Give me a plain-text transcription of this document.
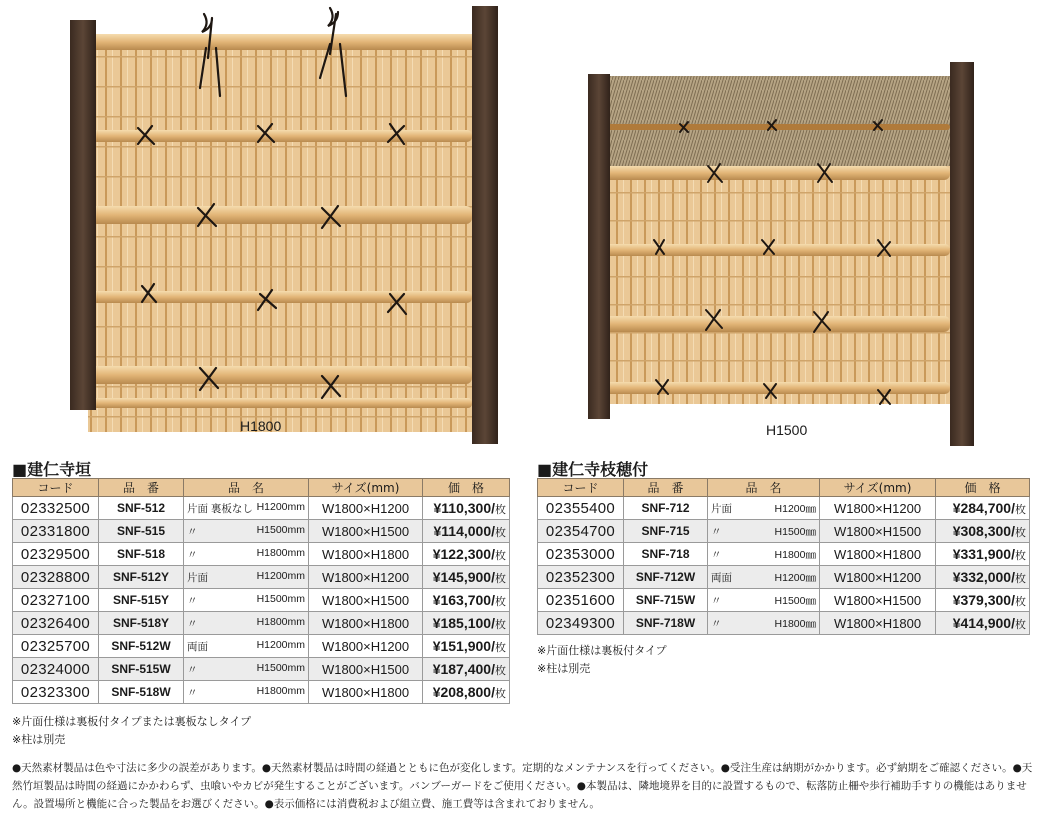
H1800	H1500
■建仁寺垣
コード	品　番	品　名	サイズ(mm)	価　格
02332500	SNF-512	片面 裏板なし H1200mm	W1800×H1200	¥110,300/枚
02331800	SNF-515	〃 H1500mm	W1800×H1500	¥114,000/枚
02329500	SNF-518	〃 H1800mm	W1800×H1800	¥122,300/枚
02328800	SNF-512Y	片面 H1200mm	W1800×H1200	¥145,900/枚
02327100	SNF-515Y	〃 H1500mm	W1800×H1500	¥163,700/枚
02326400	SNF-518Y	〃 H1800mm	W1800×H1800	¥185,100/枚
02325700	SNF-512W	両面 H1200mm	W1800×H1200	¥151,900/枚
02324000	SNF-515W	〃 H1500mm	W1800×H1500	¥187,400/枚
02323300	SNF-518W	〃 H1800mm	W1800×H1800	¥208,800/枚
※片面仕様は裏板付タイプまたは裏板なしタイプ
※柱は別売
■建仁寺枝穂付
コード	品　番	品　名	サイズ(mm)	価　格
02355400	SNF-712	片面 H1200㎜	W1800×H1200	¥284,700/枚
02354700	SNF-715	〃 H1500㎜	W1800×H1500	¥308,300/枚
02353000	SNF-718	〃 H1800㎜	W1800×H1800	¥331,900/枚
02352300	SNF-712W	両面 H1200㎜	W1800×H1200	¥332,000/枚
02351600	SNF-715W	〃 H1500㎜	W1800×H1500	¥379,300/枚
02349300	SNF-718W	〃 H1800㎜	W1800×H1800	¥414,900/枚
※片面仕様は裏板付タイプ
※柱は別売
●天然素材製品は色や寸法に多少の誤差があります。●天然素材製品は時間の経過とともに色が変化します。定期的なメンテナンスを行ってください。●受注生産は納期がかかります。必ず納期をご確認ください。●天然竹垣製品は時間の経過にかかわらず、虫喰いやカビが発生することがございます。バンブーガードをご使用ください。●本製品は、隣地境界を目的に設置するもので、転落防止柵や歩行補助手すりの機能はありません。設置場所と機能に合った製品をお選びください。●表示価格には消費税および組立費、施工費等は含まれておりません。
